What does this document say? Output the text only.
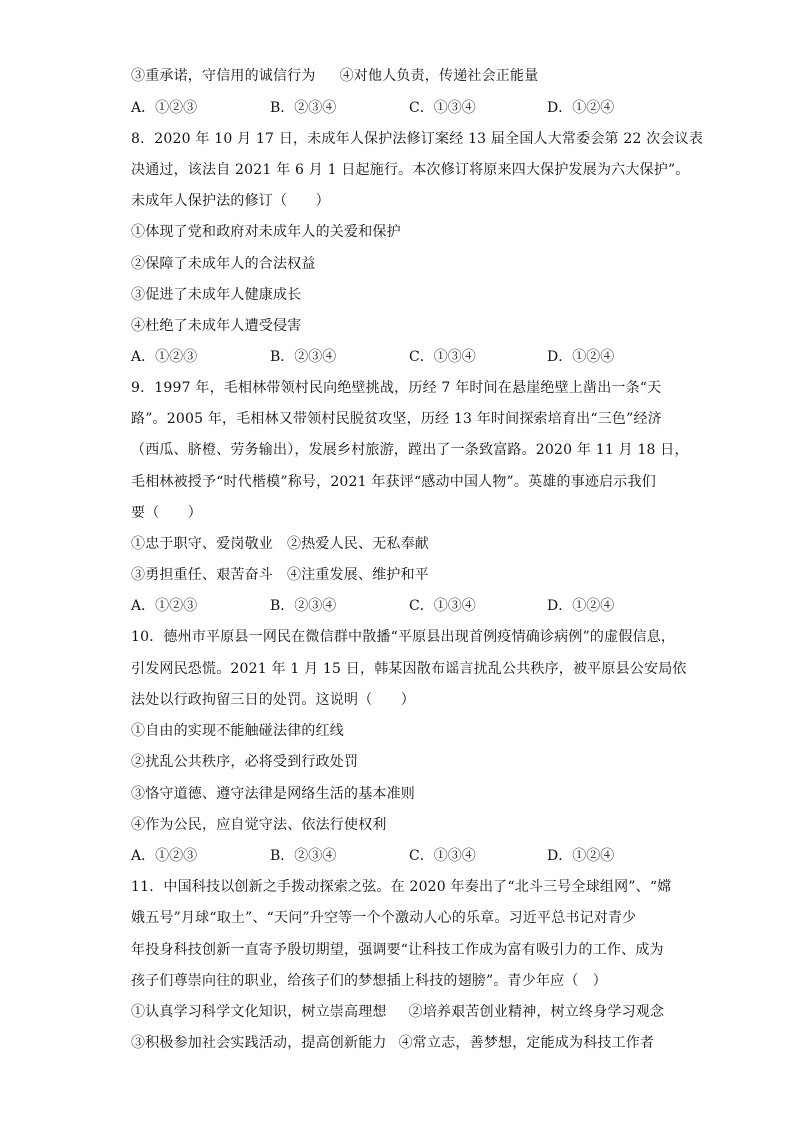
③重承诺，守信用的诚信行为 ④对他人负责，传递社会正能量
A．①②③	B．②③④	C．①③④	D．①②④
8．2020 年 10 月 17 日，未成年人保护法修订案经 13 届全国人大常委会第 22 次会议表
决通过，该法自 2021 年 6 月 1 日起施行。本次修订将原来四大保护发展为六大保护”。
未成年人保护法的修订（　　）
①体现了党和政府对未成年人的关爱和保护
②保障了未成年人的合法权益
③促进了未成年人健康成长
④杜绝了未成年人遭受侵害
A．①②③	B．②③④	C．①③④	D．①②④
9．1997 年，毛相林带领村民向绝壁挑战，历经 7 年时间在悬崖绝壁上凿出一条“天
路”。2005 年，毛相林又带领村民脱贫攻坚，历经 13 年时间探索培育出“三色”经济
（西瓜、脐橙、劳务输出），发展乡村旅游，蹚出了一条致富路。2020 年 11 月 18 日，
毛相林被授予“时代楷模”称号，2021 年获评“感动中国人物”。英雄的事迹启示我们
要（　　）
①忠于职守、爱岗敬业 ②热爱人民、无私奉献
③勇担重任、艰苦奋斗 ④注重发展、维护和平
A．①②③	B．②③④	C．①③④	D．①②④
10．德州市平原县一网民在微信群中散播“平原县出现首例疫情确诊病例”的虚假信息，
引发网民恐慌。2021 年 1 月 15 日，韩某因散布谣言扰乱公共秩序，被平原县公安局依
法处以行政拘留三日的处罚。这说明（　　）
①自由的实现不能触碰法律的红线
②扰乱公共秩序，必将受到行政处罚
③恪守道德、遵守法律是网络生活的基本准则
④作为公民，应自觉守法、依法行使权利
A．①②③	B．②③④	C．①③④	D．①②④
11．中国科技以创新之手拨动探索之弦。在 2020 年奏出了“北斗三号全球组网”、“嫦
娥五号”月球“取土”、“天问”升空等一个个激动人心的乐章。习近平总书记对青少
年投身科技创新一直寄予殷切期望，强调要“让科技工作成为富有吸引力的工作、成为
孩子们尊崇向往的职业，给孩子们的梦想插上科技的翅膀”。青少年应（　）
①认真学习科学文化知识，树立崇高理想 ②培养艰苦创业精神，树立终身学习观念
③积极参加社会实践活动，提高创新能力 ④常立志，善梦想，定能成为科技工作者
